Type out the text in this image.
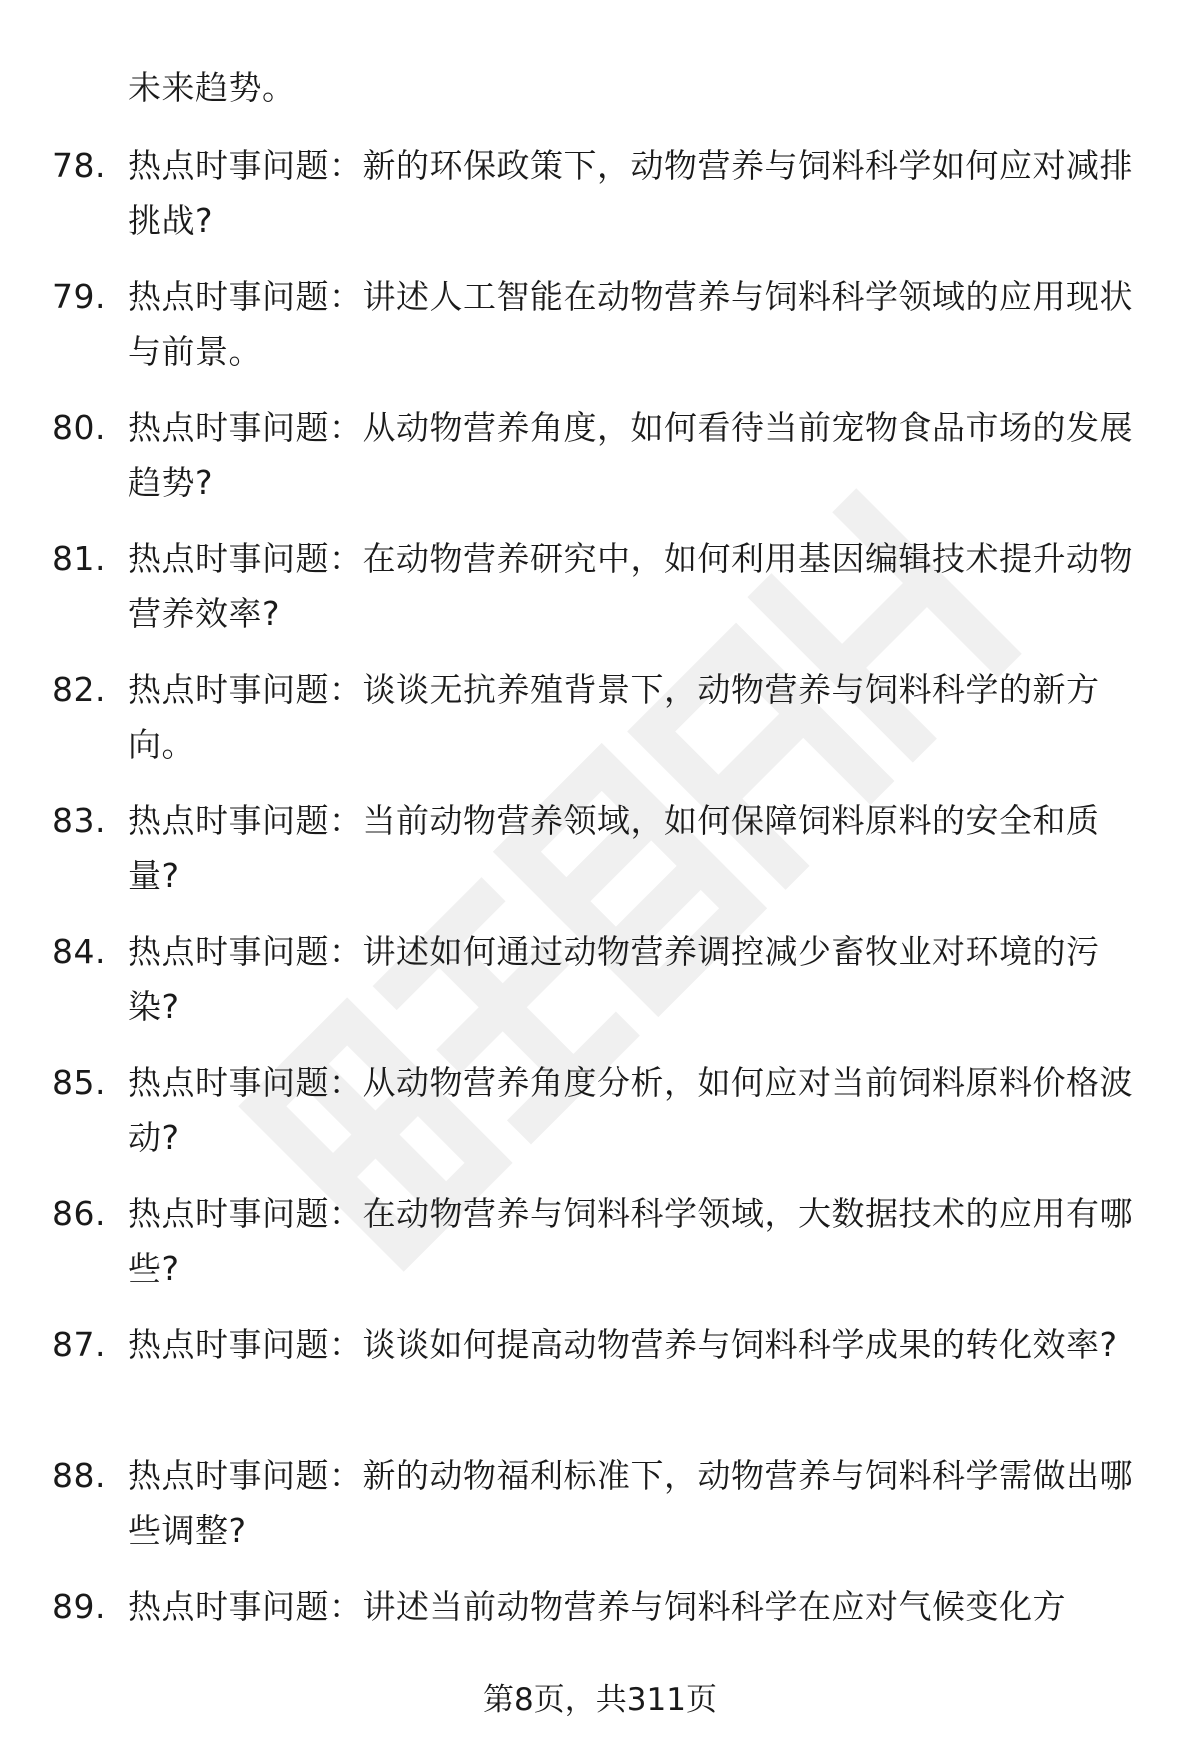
未来趋势。
78. 热点时事问题：新的环保政策下，动物营养与饲料科学如何应对减排挑战?
79. 热点时事问题：讲述人工智能在动物营养与饲料科学领域的应用现状与前景。
80. 热点时事问题：从动物营养角度，如何看待当前宠物食品市场的发展趋势?
81. 热点时事问题：在动物营养研究中，如何利用基因编辑技术提升动物营养效率?
82. 热点时事问题：谈谈无抗养殖背景下，动物营养与饲料科学的新方向。
83. 热点时事问题：当前动物营养领域，如何保障饲料原料的安全和质量?
84. 热点时事问题：讲述如何通过动物营养调控减少畜牧业对环境的污染?
85. 热点时事问题：从动物营养角度分析，如何应对当前饲料原料价格波动?
86. 热点时事问题：在动物营养与饲料科学领域，大数据技术的应用有哪些?
87. 热点时事问题：谈谈如何提高动物营养与饲料科学成果的转化效率?
88. 热点时事问题：新的动物福利标准下，动物营养与饲料科学需做出哪些调整?
89. 热点时事问题：讲述当前动物营养与饲料科学在应对气候变化方
第8页，共311页
